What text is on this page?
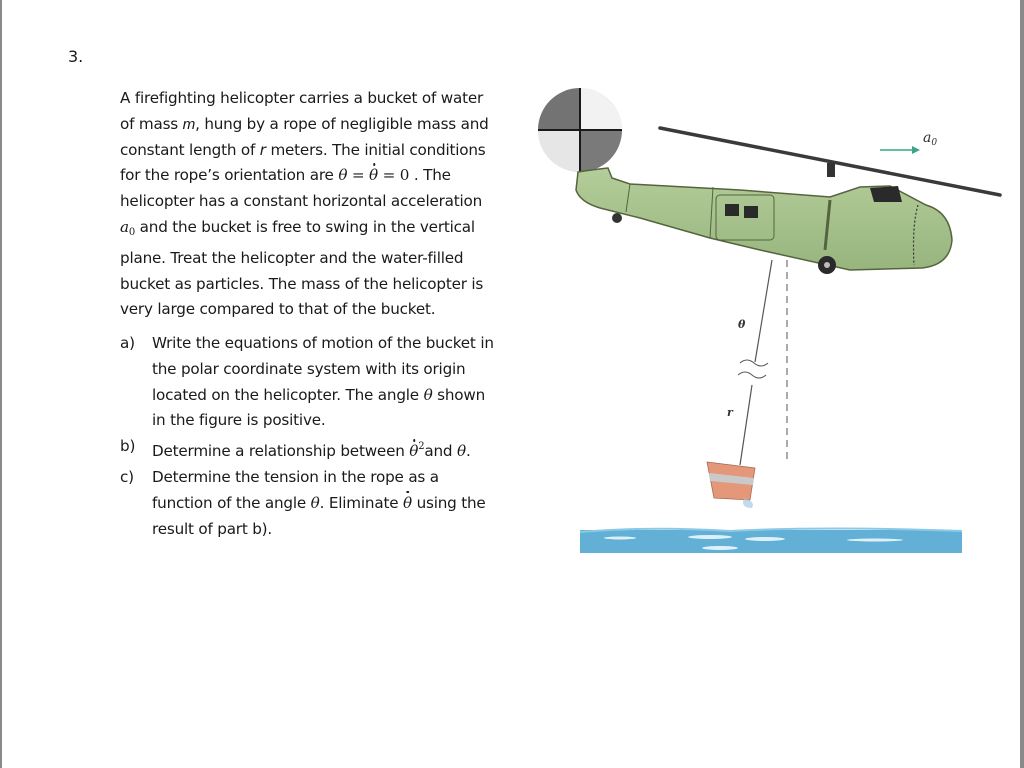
3.

A firefighting helicopter carries a bucket of water

of mass m, hung by a rope of negligible mass and

constant length of r meters. The initial conditions

for the rope’s orientation are θ = θ = 0 . The

helicopter has a constant horizontal acceleration

$a_0$ and the bucket is free to swing in the vertical

plane. Treat the helicopter and the water-filled

bucket as particles. The mass of the helicopter is

very large compared to that of the bucket.

a)	Write the equations of motion of the bucket in
the polar coordinate system with its origin
located on the helicopter. The angle θ shown
in the figure is positive.
b)	Determine a relationship between $\theta^2and$ θ.
c)	Determine the tension in the rope as a
function of the angle θ. Eliminate θ using the
result of part b).
$a_0$
θ
r
